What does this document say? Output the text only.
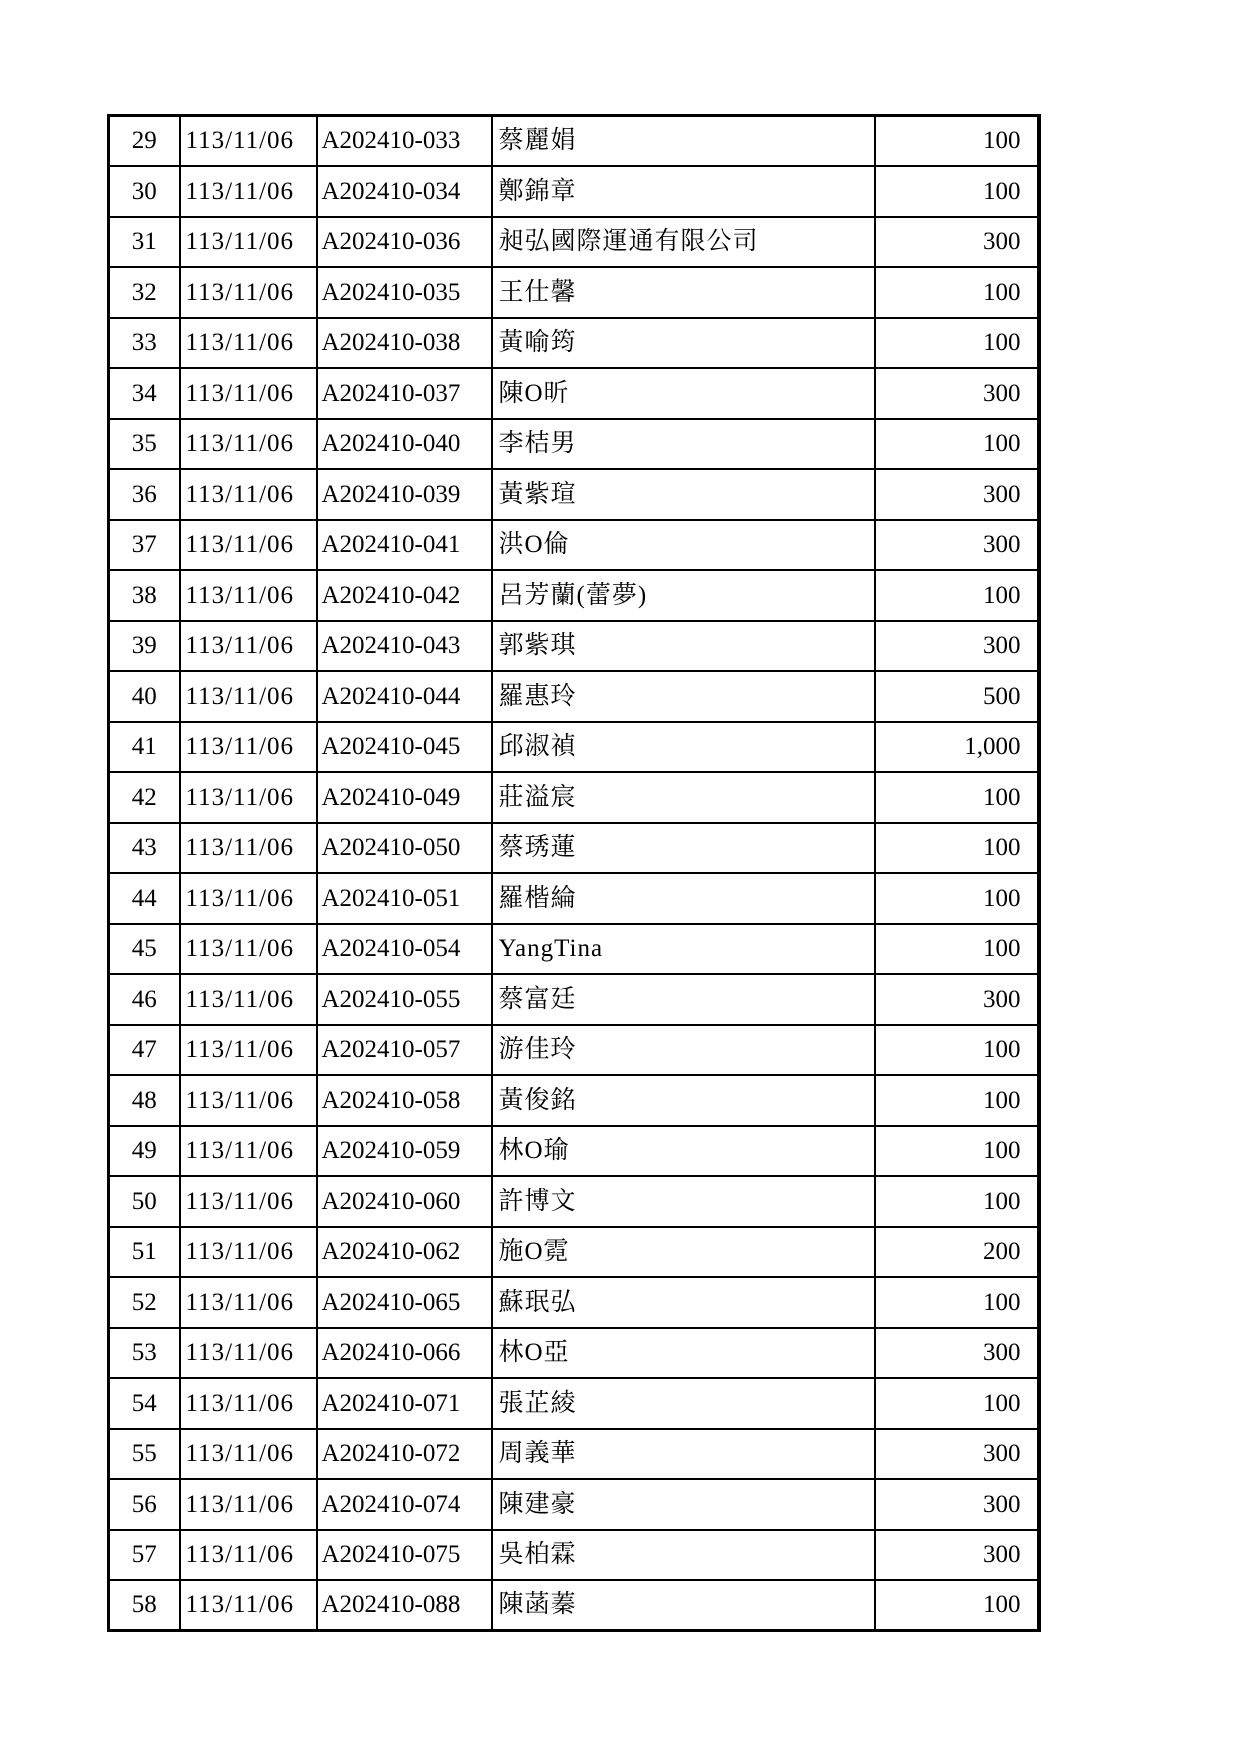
29	113/11/06	A202410-033	蔡麗娟	100
30	113/11/06	A202410-034	鄭錦章	100
31	113/11/06	A202410-036	昶弘國際運通有限公司	300
32	113/11/06	A202410-035	王仕馨	100
33	113/11/06	A202410-038	黃喻筠	100
34	113/11/06	A202410-037	陳O昕	300
35	113/11/06	A202410-040	李桔男	100
36	113/11/06	A202410-039	黃紫瑄	300
37	113/11/06	A202410-041	洪O倫	300
38	113/11/06	A202410-042	呂芳蘭(蕾夢)	100
39	113/11/06	A202410-043	郭紫琪	300
40	113/11/06	A202410-044	羅惠玲	500
41	113/11/06	A202410-045	邱淑禎	1,000
42	113/11/06	A202410-049	莊溢宸	100
43	113/11/06	A202410-050	蔡琇蓮	100
44	113/11/06	A202410-051	羅楷綸	100
45	113/11/06	A202410-054	YangTina	100
46	113/11/06	A202410-055	蔡富廷	300
47	113/11/06	A202410-057	游佳玲	100
48	113/11/06	A202410-058	黃俊銘	100
49	113/11/06	A202410-059	林O瑜	100
50	113/11/06	A202410-060	許博文	100
51	113/11/06	A202410-062	施O霓	200
52	113/11/06	A202410-065	蘇珉弘	100
53	113/11/06	A202410-066	林O亞	300
54	113/11/06	A202410-071	張芷綾	100
55	113/11/06	A202410-072	周義華	300
56	113/11/06	A202410-074	陳建豪	300
57	113/11/06	A202410-075	吳柏霖	300
58	113/11/06	A202410-088	陳菡蓁	100
